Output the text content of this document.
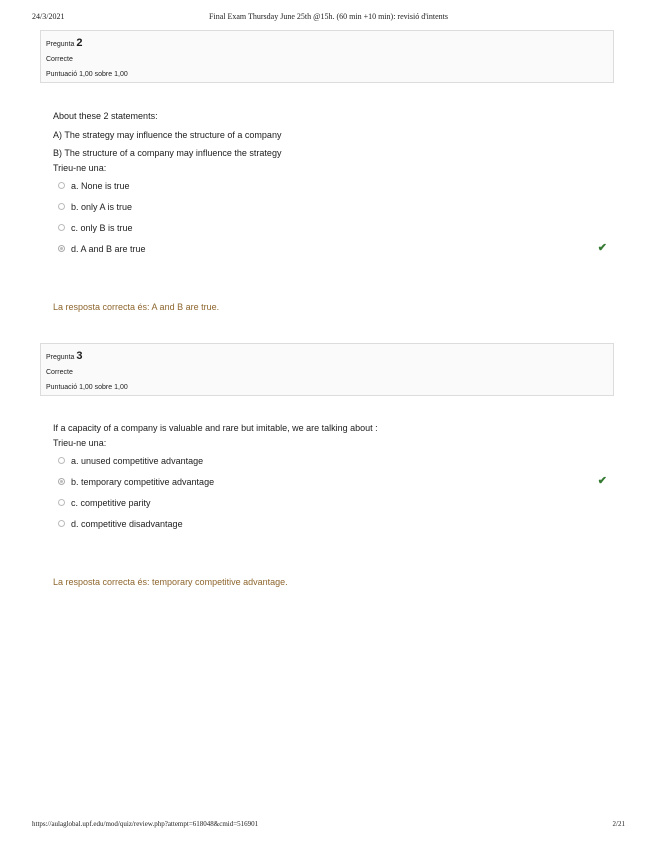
24/3/2021	Final Exam Thursday June 25th @15h. (60 min +10 min): revisió d'intents
Pregunta 2
Correcte
Puntuació 1,00 sobre 1,00

About these 2 statements:

A) The strategy may influence the structure of a company

B) The structure of a company may influence the strategy

Trieu-ne una:

a. None is true
b. only A is true
c. only B is true
d. A and B are true	✔
La resposta correcta és: A and B are true.
Pregunta 3
Correcte
Puntuació 1,00 sobre 1,00

If a capacity of a company is valuable and rare but imitable, we are talking about :

Trieu-ne una:

a. unused competitive advantage
b. temporary competitive advantage	✔
c. competitive parity
d. competitive disadvantage
La resposta correcta és: temporary competitive advantage.
https://aulaglobal.upf.edu/mod/quiz/review.php?attempt=618048&cmid=516901	2/21
